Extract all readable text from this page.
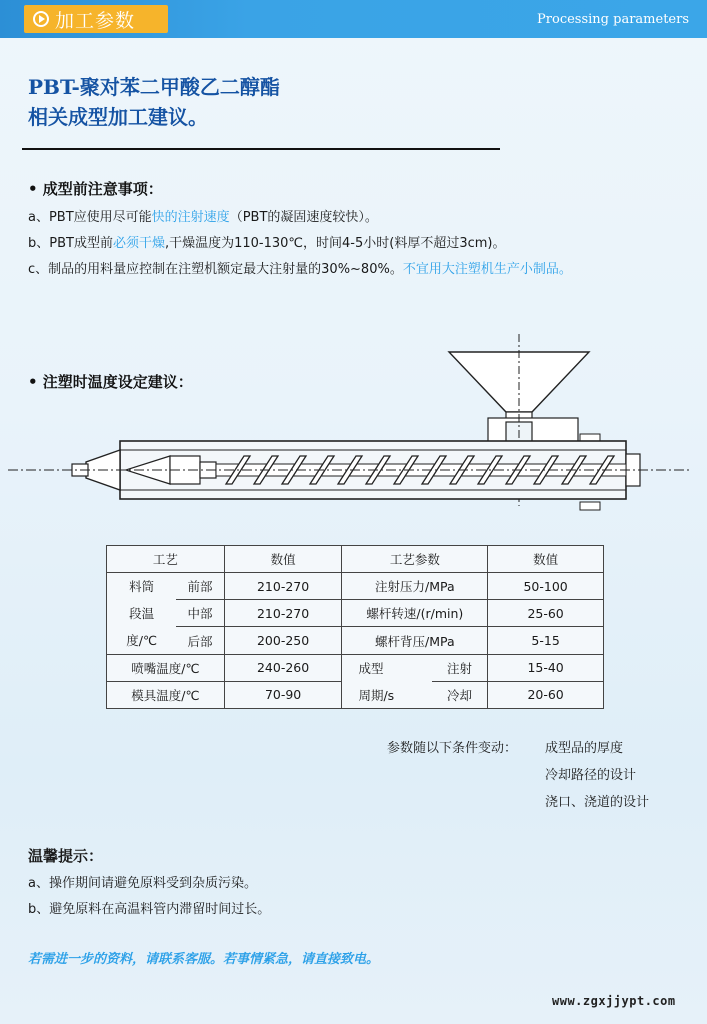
加工参数	Processing parameters
PBT-聚对苯二甲酸乙二醇酯
相关成型加工建议。
• 成型前注意事项：
a、PBT应使用尽可能快的注射速度（PBT的凝固速度较快）。
b、PBT成型前必须干燥,干燥温度为110-130℃，时间4-5小时(料厚不超过3cm)。
c、制品的用料量应控制在注塑机额定最大注射量的30%~80%。不宜用大注塑机生产小制品。
• 注塑时温度设定建议：
工艺		数值	工艺参数		数值
料筒	前部	210-270	注射压力/MPa		50-100
段温	中部	210-270	螺杆转速/(r/min)		25-60
度/℃	后部	200-250	螺杆背压/MPa		5-15
喷嘴温度/℃		240-260	成型	注射	15-40
模具温度/℃		70-90	周期/s	冷却	20-60
参数随以下条件变动： 成型品的厚度
冷却路径的设计
浇口、浇道的设计
温馨提示：
a、操作期间请避免原料受到杂质污染。
b、避免原料在高温料管内滞留时间过长。
若需进一步的资料，请联系客服。若事情紧急，请直接致电。
www.zgxjjypt.com
